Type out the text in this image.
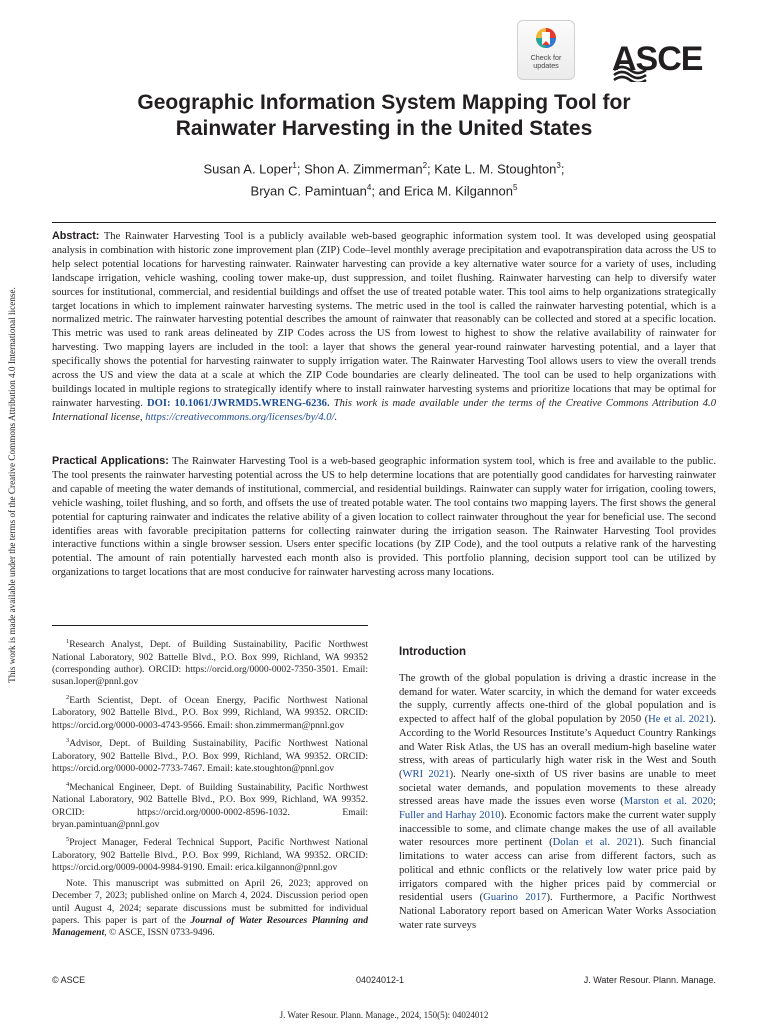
This work is made available under the terms of the Creative Commons Attribution 4.0 International license.
Check for
updates	ASCE
Geographic Information System Mapping Tool for
Rainwater Harvesting in the United States
Susan A. Loper$^1$; Shon A. Zimmerman$^2$; Kate L. M. Stoughton$^3$;
Bryan C. Pamintuan$^4$; and Erica M. Kilgannon$^5$
Abstract: The Rainwater Harvesting Tool is a publicly available web-based geographic information system tool. It was developed using geospatial analysis in combination with historic zone improvement plan (ZIP) Code–level monthly average precipitation and evapotranspiration data across the US to help select potential locations for harvesting rainwater. Rainwater harvesting can provide a key alternative water source for a variety of uses, including landscape irrigation, vehicle washing, cooling tower make-up, dust suppression, and toilet flushing. Rainwater harvesting can help to diversify water sources for institutional, commercial, and residential buildings and offset the use of treated potable water. This tool aims to help organizations strategically target locations in which to implement rainwater harvesting systems. The metric used in the tool is called the rainwater harvesting potential, which is a normalized metric. The rainwater harvesting potential describes the amount of rainwater that reasonably can be collected and stored at a specific location. This metric was used to rank areas delineated by ZIP Codes across the US from lowest to highest to show the relative availability of rainwater for harvesting. Two mapping layers are included in the tool: a layer that shows the general year-round rainwater harvesting potential, and a layer that specifically shows the potential for harvesting rainwater to supply irrigation water. The Rainwater Harvesting Tool allows users to view the overall trends across the US and view the data at a scale at which the ZIP Code boundaries are clearly delineated. The tool can be used to help organizations with buildings located in multiple regions to strategically identify where to install rainwater harvesting systems and prioritize locations that may be optimal for rainwater harvesting. DOI: 10.1061/JWRMD5.WRENG-6236. This work is made available under the terms of the Creative Commons Attribution 4.0 International license, https://creativecommons.org/licenses/by/4.0/.
Practical Applications: The Rainwater Harvesting Tool is a web-based geographic information system tool, which is free and available to the public. The tool presents the rainwater harvesting potential across the US to help determine locations that are potentially good candidates for harvesting rainwater and capable of meeting the water demands of institutional, commercial, and residential buildings. Rainwater can supply water for irrigation, cooling towers, vehicle washing, toilet flushing, and so forth, and offsets the use of treated potable water. The tool contains two mapping layers. The first shows the general potential for capturing rainwater and indicates the relative ability of a given location to collect rainwater throughout the year for beneficial use. The second identifies areas with favorable precipitation patterns for collecting rainwater during the irrigation season. The Rainwater Harvesting Tool provides interactive functions within a single browser session. Users enter specific locations (by ZIP Code), and the tool outputs a relative rank of the harvesting potential. The amount of rain potentially harvested each month also is provided. This portfolio planning, decision support tool can be utilized by organizations to target locations that are most conducive for rainwater harvesting across many locations.

$^1$Research Analyst, Dept. of Building Sustainability, Pacific Northwest National Laboratory, 902 Battelle Blvd., P.O. Box 999, Richland, WA 99352 (corresponding author). ORCID: https://orcid.org/0000-0002-7350-3501. Email: susan.loper@pnnl.gov

$^2$Earth Scientist, Dept. of Ocean Energy, Pacific Northwest National Laboratory, 902 Battelle Blvd., P.O. Box 999, Richland, WA 99352. ORCID: https://orcid.org/0000-0003-4743-9566. Email: shon.zimmerman@pnnl.gov

$^3$Advisor, Dept. of Building Sustainability, Pacific Northwest National Laboratory, 902 Battelle Blvd., P.O. Box 999, Richland, WA 99352. ORCID: https://orcid.org/0000-0002-7733-7467. Email: kate.stoughton@pnnl.gov

$^4$Mechanical Engineer, Dept. of Building Sustainability, Pacific Northwest National Laboratory, 902 Battelle Blvd., P.O. Box 999, Richland, WA 99352. ORCID: https://orcid.org/0000-0002-8596-1032. Email: bryan.pamintuan@pnnl.gov

$^5$Project Manager, Federal Technical Support, Pacific Northwest National Laboratory, 902 Battelle Blvd., P.O. Box 999, Richland, WA 99352. ORCID: https://orcid.org/0009-0004-9984-9190. Email: erica.kilgannon@pnnl.gov

Note. This manuscript was submitted on April 26, 2023; approved on December 7, 2023; published online on March 4, 2024. Discussion period open until August 4, 2024; separate discussions must be submitted for individual papers. This paper is part of the Journal of Water Resources Planning and Management, © ASCE, ISSN 0733-9496.

Introduction
The growth of the global population is driving a drastic increase in the demand for water. Water scarcity, in which the demand for water exceeds the supply, currently affects one-third of the global population and is expected to affect half of the global population by 2050 (He et al. 2021). According to the World Resources Institute’s Aqueduct Country Rankings and Water Risk Atlas, the US has an overall medium-high baseline water stress, with areas of particularly high water risk in the West and South (WRI 2021). Nearly one-sixth of US river basins are unable to meet societal water demands, and population movements to these already stressed areas have made the issues even worse (Marston et al. 2020; Fuller and Harhay 2010). Economic factors make the current water supply inaccessible to some, and climate change makes the use of all available water resources more pertinent (Dolan et al. 2021). Such financial limitations to water access can arise from different factors, such as political and ethnic conflicts or the relatively low water price paid by irrigators compared with the higher prices paid by commercial or residential users (Guarino 2017). Furthermore, a Pacific Northwest National Laboratory report based on American Water Works Association water rate surveys
© ASCE	04024012-1	J. Water Resour. Plann. Manage.
J. Water Resour. Plann. Manage., 2024, 150(5): 04024012
